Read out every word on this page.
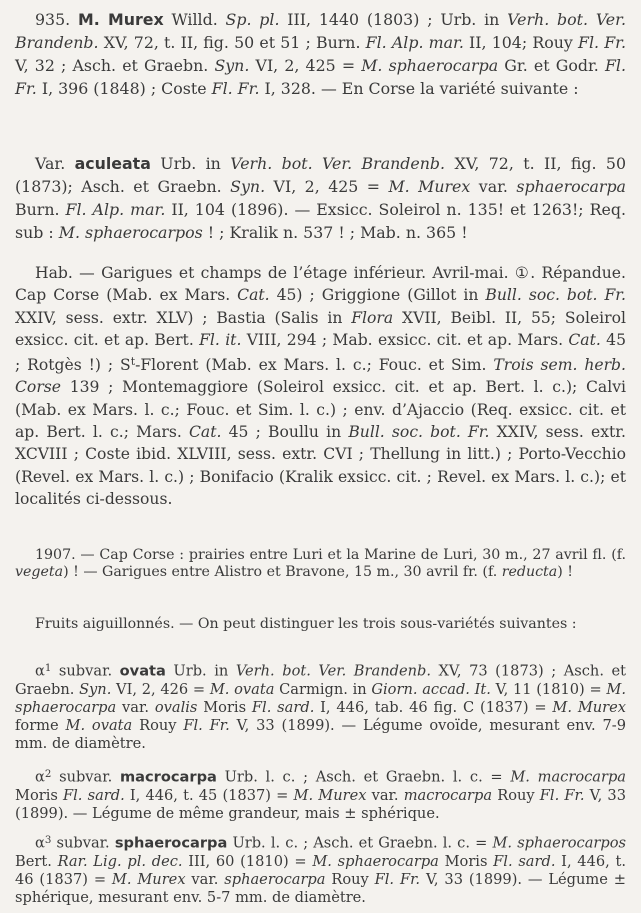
935. M. Murex Willd. Sp. pl. III, 1440 (1803) ; Urb. in Verh. bot. Ver. Brandenb. XV, 72, t. II, fig. 50 et 51 ; Burn. Fl. Alp. mar. II, 104; Rouy Fl. Fr. V, 32 ; Asch. et Graebn. Syn. VI, 2, 425 = M. sphaerocarpa Gr. et Godr. Fl. Fr. I, 396 (1848) ; Coste Fl. Fr. I, 328. — En Corse la variété suivante :
Var. aculeata Urb. in Verh. bot. Ver. Brandenb. XV, 72, t. II, fig. 50 (1873); Asch. et Graebn. Syn. VI, 2, 425 = M. Murex var. sphaerocarpa Burn. Fl. Alp. mar. II, 104 (1896). — Exsicc. Soleirol n. 135! et 1263!; Req. sub : M. sphaerocarpos ! ; Kralik n. 537 ! ; Mab. n. 365 !
Hab. — Garigues et champs de l’étage inférieur. Avril-mai. ①. Répandue. Cap Corse (Mab. ex Mars. Cat. 45) ; Griggione (Gillot in Bull. soc. bot. Fr. XXIV, sess. extr. XLV) ; Bastia (Salis in Flora XVII, Beibl. II, 55; Soleirol exsicc. cit. et ap. Bert. Fl. it. VIII, 294 ; Mab. exsicc. cit. et ap. Mars. Cat. 45 ; Rotgès !) ; $S^t$-Florent (Mab. ex Mars. l. c.; Fouc. et Sim. Trois sem. herb. Corse 139 ; Montemaggiore (Soleirol exsicc. cit. et ap. Bert. l. c.); Calvi (Mab. ex Mars. l. c.; Fouc. et Sim. l. c.) ; env. d’Ajaccio (Req. exsicc. cit. et ap. Bert. l. c.; Mars. Cat. 45 ; Boullu in Bull. soc. bot. Fr. XXIV, sess. extr. XCVIII ; Coste ibid. XLVIII, sess. extr. CVI ; Thellung in litt.) ; Porto-Vecchio (Revel. ex Mars. l. c.) ; Bonifacio (Kralik exsicc. cit. ; Revel. ex Mars. l. c.); et localités ci-dessous.
1907. — Cap Corse : prairies entre Luri et la Marine de Luri, 30 m., 27 avril fl. (f. vegeta) ! — Garigues entre Alistro et Bravone, 15 m., 30 avril fr. (f. reducta) !
Fruits aiguillonnés. — On peut distinguer les trois sous-variétés suivantes :
$\alpha^1$ subvar. ovata Urb. in Verh. bot. Ver. Brandenb. XV, 73 (1873) ; Asch. et Graebn. Syn. VI, 2, 426 = M. ovata Carmign. in Giorn. accad. It. V, 11 (1810) = M. sphaerocarpa var. ovalis Moris Fl. sard. I, 446, tab. 46 fig. C (1837) = M. Murex forme M. ovata Rouy Fl. Fr. V, 33 (1899). — Légume ovoïde, mesurant env. 7-9 mm. de diamètre.
$\alpha^2$ subvar. macrocarpa Urb. l. c. ; Asch. et Graebn. l. c. = M. macrocarpa Moris Fl. sard. I, 446, t. 45 (1837) = M. Murex var. macrocarpa Rouy Fl. Fr. V, 33 (1899). — Légume de même grandeur, mais ± sphérique.
$\alpha^3$ subvar. sphaerocarpa Urb. l. c. ; Asch. et Graebn. l. c. = M. sphaerocarpos Bert. Rar. Lig. pl. dec. III, 60 (1810) = M. sphaerocarpa Moris Fl. sard. I, 446, t. 46 (1837) = M. Murex var. sphaerocarpa Rouy Fl. Fr. V, 33 (1899). — Légume ± sphérique, mesurant env. 5-7 mm. de diamètre.
